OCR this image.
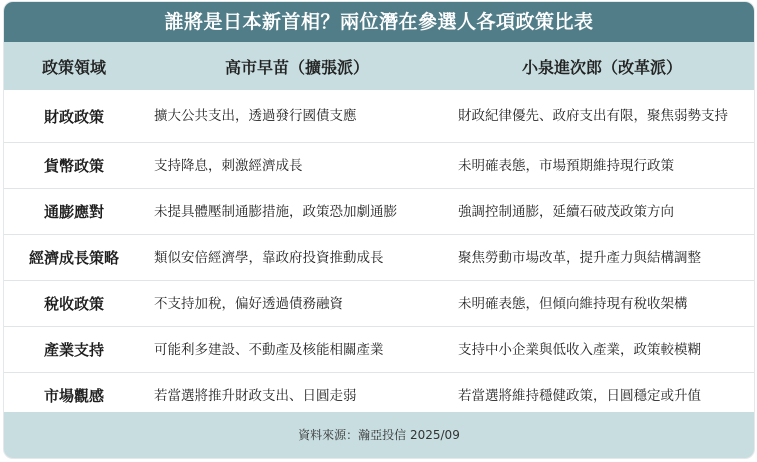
誰將是日本新首相？兩位潛在參選人各項政策比表
政策領域	高市早苗（擴張派）	小泉進次郎（改革派）
財政政策	擴大公共支出，透過發行國債支應	財政紀律優先、政府支出有限，聚焦弱勢支持
貨幣政策	支持降息，刺激經濟成長	未明確表態，市場預期維持現行政策
通膨應對	未提具體壓制通膨措施，政策恐加劇通膨	強調控制通膨，延續石破茂政策方向
經濟成長策略	類似安倍經濟學，靠政府投資推動成長	聚焦勞動市場改革，提升產力與結構調整
稅收政策	不支持加稅，偏好透過債務融資	未明確表態，但傾向維持現有稅收架構
產業支持	可能利多建設、不動產及核能相關產業	支持中小企業與低收入產業，政策較模糊
市場觀感	若當選將推升財政支出、日圓走弱	若當選將維持穩健政策，日圓穩定或升值
資料來源：瀚亞投信 2025/09
